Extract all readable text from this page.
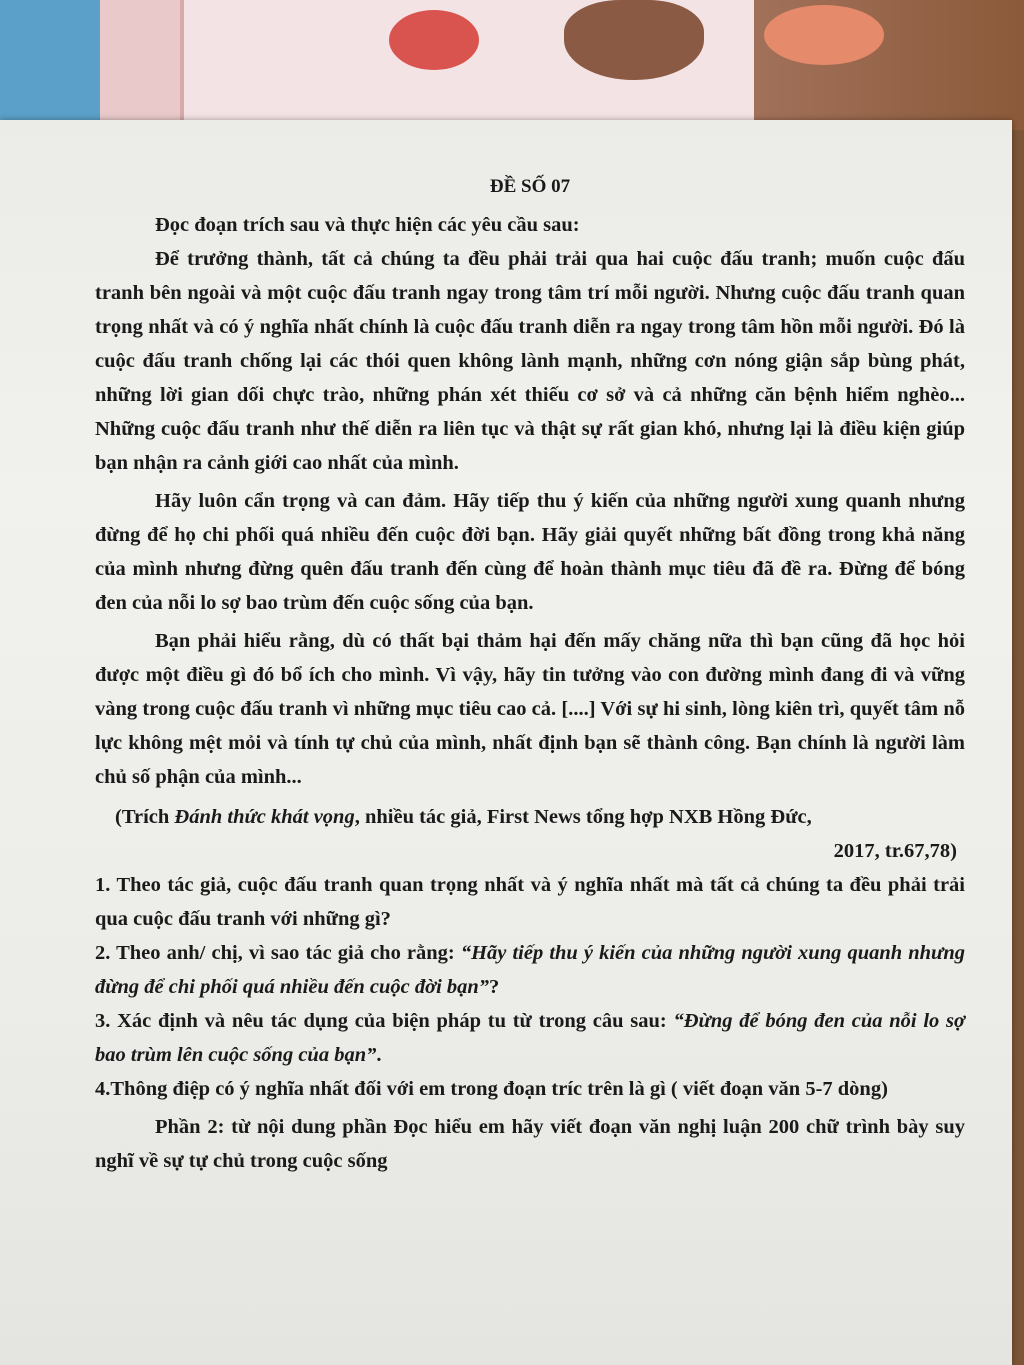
ĐỀ SỐ 07

Đọc đoạn trích sau và thực hiện các yêu cầu sau:

Để trưởng thành, tất cả chúng ta đều phải trải qua hai cuộc đấu tranh; muốn cuộc đấu tranh bên ngoài và một cuộc đấu tranh ngay trong tâm trí mỗi người. Nhưng cuộc đấu tranh quan trọng nhất và có ý nghĩa nhất chính là cuộc đấu tranh diễn ra ngay trong tâm hồn mỗi người. Đó là cuộc đấu tranh chống lại các thói quen không lành mạnh, những cơn nóng giận sắp bùng phát, những lời gian dối chực trào, những phán xét thiếu cơ sở và cả những căn bệnh hiểm nghèo... Những cuộc đấu tranh như thế diễn ra liên tục và thật sự rất gian khó, nhưng lại là điều kiện giúp bạn nhận ra cảnh giới cao nhất của mình.

Hãy luôn cẩn trọng và can đảm. Hãy tiếp thu ý kiến của những người xung quanh nhưng đừng để họ chi phối quá nhiều đến cuộc đời bạn. Hãy giải quyết những bất đồng trong khả năng của mình nhưng đừng quên đấu tranh đến cùng để hoàn thành mục tiêu đã đề ra. Đừng để bóng đen của nỗi lo sợ bao trùm đến cuộc sống của bạn.

Bạn phải hiểu rằng, dù có thất bại thảm hại đến mấy chăng nữa thì bạn cũng đã học hỏi được một điều gì đó bổ ích cho mình. Vì vậy, hãy tin tưởng vào con đường mình đang đi và vững vàng trong cuộc đấu tranh vì những mục tiêu cao cả. [....] Với sự hi sinh, lòng kiên trì, quyết tâm nỗ lực không mệt mỏi và tính tự chủ của mình, nhất định bạn sẽ thành công. Bạn chính là người làm chủ số phận của mình...

(Trích Đánh thức khát vọng, nhiều tác giả, First News tổng hợp NXB Hồng Đức,

2017, tr.67,78)

1. Theo tác giả, cuộc đấu tranh quan trọng nhất và ý nghĩa nhất mà tất cả chúng ta đều phải trải qua cuộc đấu tranh với những gì?

2. Theo anh/ chị, vì sao tác giả cho rằng: “Hãy tiếp thu ý kiến của những người xung quanh nhưng đừng để chi phối quá nhiều đến cuộc đời bạn”?

3. Xác định và nêu tác dụng của biện pháp tu từ trong câu sau: “Đừng để bóng đen của nỗi lo sợ bao trùm lên cuộc sống của bạn”.

4.Thông điệp có ý nghĩa nhất đối với em trong đoạn tríc trên là gì ( viết đoạn văn 5-7 dòng)

Phần 2: từ nội dung phần Đọc hiểu em hãy viết đoạn văn nghị luận 200 chữ trình bày suy nghĩ về sự tự chủ trong cuộc sống
